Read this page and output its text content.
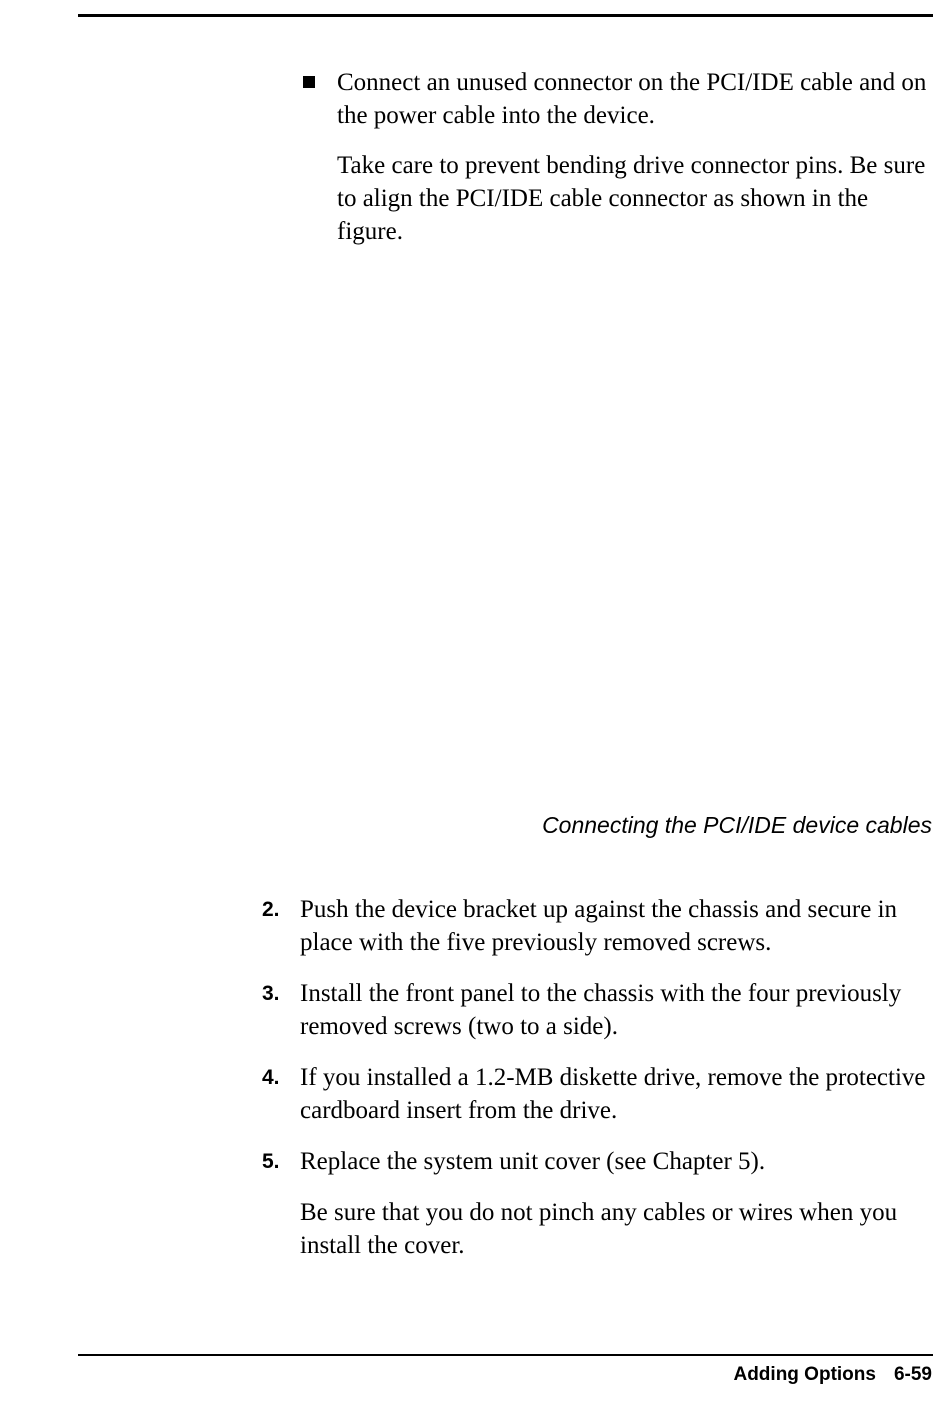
Connect an unused connector on the PCI/IDE cable and on the power cable into the device.
Take care to prevent bending drive connector pins. Be sure to align the PCI/IDE cable connector as shown in the figure.
Connecting the PCI/IDE device cables
2. Push the device bracket up against the chassis and secure in place with the five previously removed screws.
3. Install the front panel to the chassis with the four previously removed screws (two to a side).
4. If you installed a 1.2-MB diskette drive, remove the protective cardboard insert from the drive.
5. Replace the system unit cover (see Chapter 5).
Be sure that you do not pinch any cables or wires when you install the cover.
Adding Options 6-59
